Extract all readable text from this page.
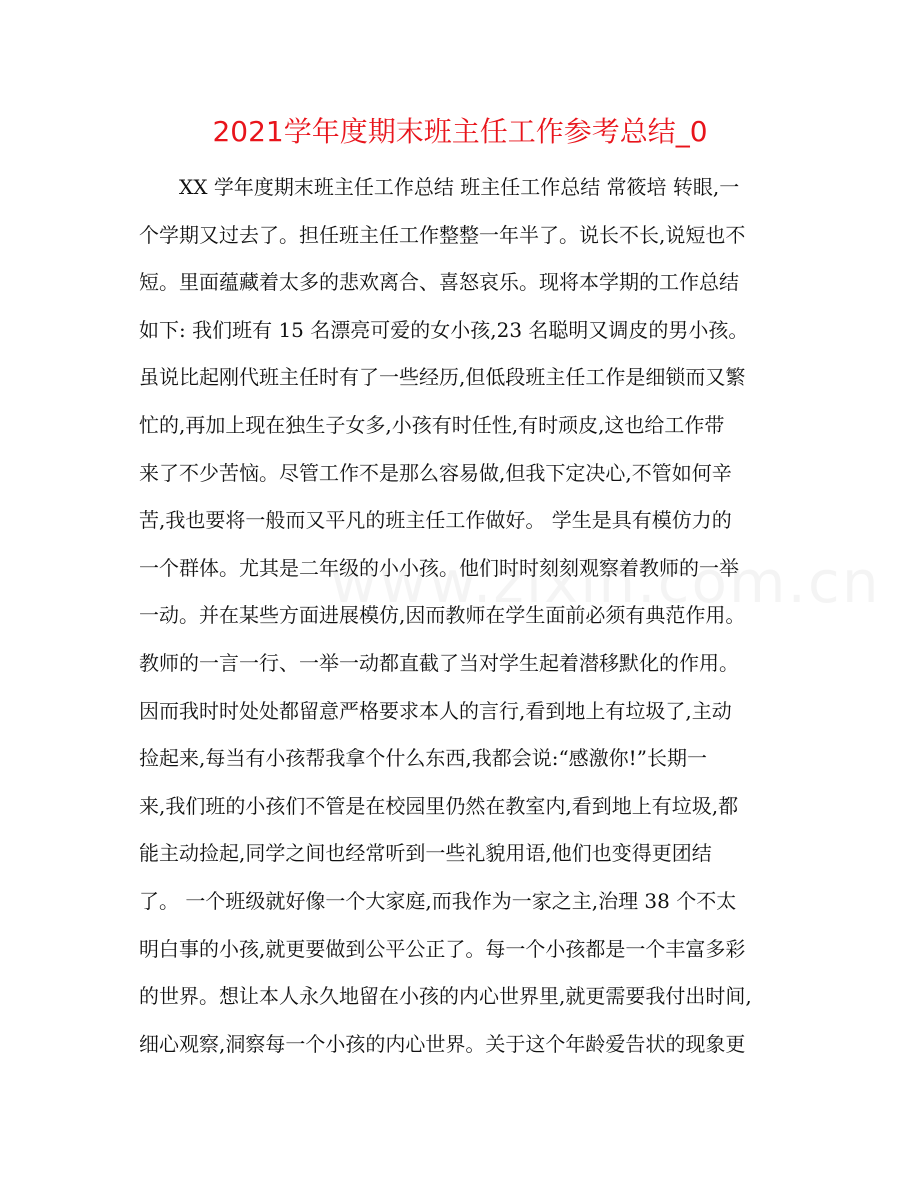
2021学年度期末班主任工作参考总结_0
XX 学年度期末班主任工作总结 班主任工作总结 常筱培 转眼,一
个学期又过去了。担任班主任工作整整一年半了。说长不长,说短也不
短。里面蕴藏着太多的悲欢离合、喜怒哀乐。现将本学期的工作总结
如下: 我们班有 15 名漂亮可爱的女小孩,23 名聪明又调皮的男小孩。
虽说比起刚代班主任时有了一些经历,但低段班主任工作是细锁而又繁
忙的,再加上现在独生子女多,小孩有时任性,有时顽皮,这也给工作带
来了不少苦恼。尽管工作不是那么容易做,但我下定决心,不管如何辛
苦,我也要将一般而又平凡的班主任工作做好。 学生是具有模仿力的
一个群体。尤其是二年级的小小孩。他们时时刻刻观察着教师的一举
一动。并在某些方面进展模仿,因而教师在学生面前必须有典范作用。
教师的一言一行、一举一动都直截了当对学生起着潜移默化的作用。
因而我时时处处都留意严格要求本人的言行,看到地上有垃圾了,主动
捡起来,每当有小孩帮我拿个什么东西,我都会说:“感激你!”长期一
来,我们班的小孩们不管是在校园里仍然在教室内,看到地上有垃圾,都
能主动捡起,同学之间也经常听到一些礼貌用语,他们也变得更团结
了。 一个班级就好像一个大家庭,而我作为一家之主,治理 38 个不太
明白事的小孩,就更要做到公平公正了。每一个小孩都是一个丰富多彩
的世界。想让本人永久地留在小孩的内心世界里,就更需要我付出时间,
细心观察,洞察每一个小孩的内心世界。关于这个年龄爱告状的现象更
